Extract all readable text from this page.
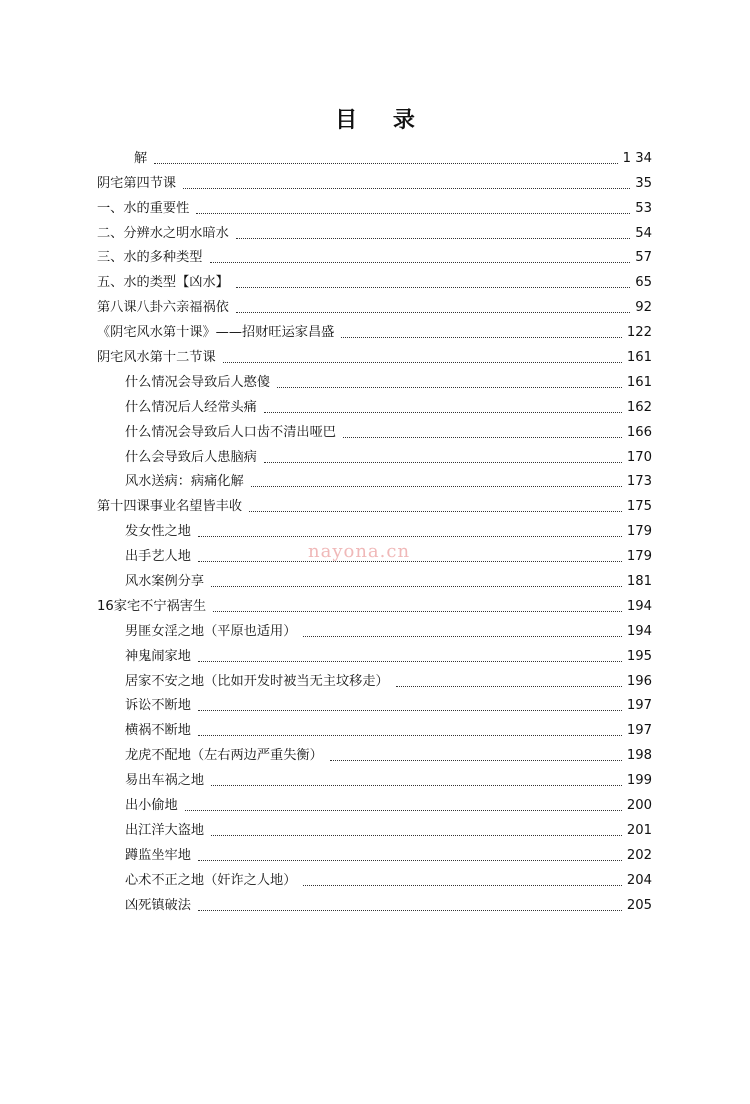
目 录
解	1 34
阴宅第四节课	35
一、水的重要性	53
二、分辨水之明水暗水	54
三、水的多种类型	57
五、水的类型【凶水】	65
第八课八卦六亲福祸依	92
《阴宅风水第十课》——招财旺运家昌盛	122
阴宅风水第十二节课	161
什么情况会导致后人憨傻	161
什么情况后人经常头痛	162
什么情况会导致后人口齿不清出哑巴	166
什么会导致后人患脑病	170
风水送病：病痛化解	173
第十四课事业名望皆丰收	175
发女性之地	179
出手艺人地	179
风水案例分享	181
16家宅不宁祸害生	194
男匪女淫之地（平原也适用）	194
神鬼闹家地	195
居家不安之地（比如开发时被当无主坟移走）	196
诉讼不断地	197
横祸不断地	197
龙虎不配地（左右两边严重失衡）	198
易出车祸之地	199
出小偷地	200
出江洋大盗地	201
蹲监坐牢地	202
心术不正之地（奸诈之人地）	204
凶死镇破法	205
nayona.cn
